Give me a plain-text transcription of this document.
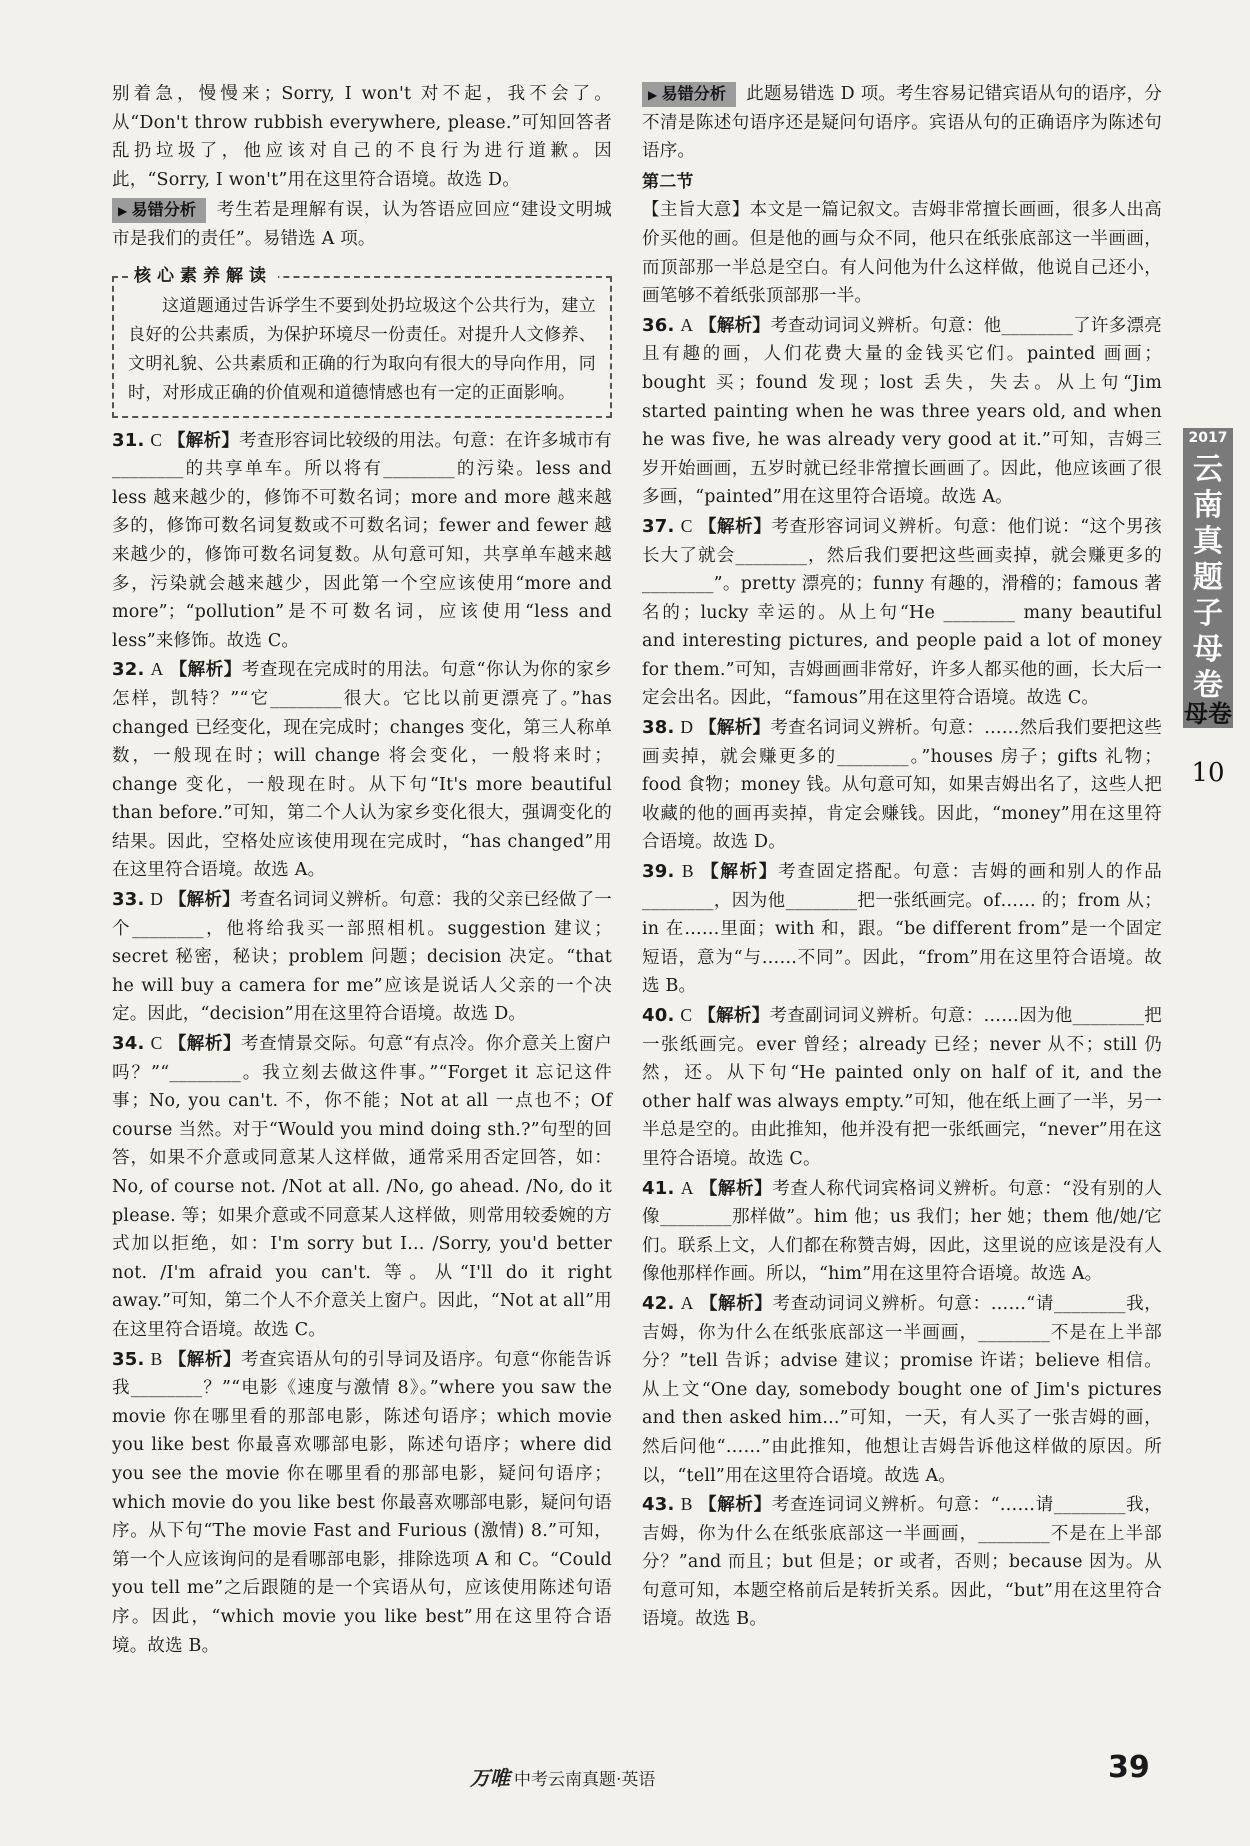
别着急，慢慢来；Sorry, I won't 对不起，我不会了。从“Don't throw rubbish everywhere, please.”可知回答者乱扔垃圾了，他应该对自己的不良行为进行道歉。因此，“Sorry, I won't”用在这里符合语境。故选 D。

▶ 易错分析 考生若是理解有误，认为答语应回应“建设文明城市是我们的责任”。易错选 A 项。

核心素养解读

这道题通过告诉学生不要到处扔垃圾这个公共行为，建立良好的公共素质，为保护环境尽一份责任。对提升人文修养、文明礼貌、公共素质和正确的行为取向有很大的导向作用，同时，对形成正确的价值观和道德情感也有一定的正面影响。

31. C 【解析】考查形容词比较级的用法。句意：在许多城市有________的共享单车。所以将有________的污染。less and less 越来越少的，修饰不可数名词；more and more 越来越多的，修饰可数名词复数或不可数名词；fewer and fewer 越来越少的，修饰可数名词复数。从句意可知，共享单车越来越多，污染就会越来越少，因此第一个空应该使用“more and more”；“pollution”是不可数名词，应该使用“less and less”来修饰。故选 C。

32. A 【解析】考查现在完成时的用法。句意“你认为你的家乡怎样，凯特？”“它________很大。它比以前更漂亮了。”has changed 已经变化，现在完成时；changes 变化，第三人称单数，一般现在时；will change 将会变化，一般将来时；change 变化，一般现在时。从下句“It's more beautiful than before.”可知，第二个人认为家乡变化很大，强调变化的结果。因此，空格处应该使用现在完成时，“has changed”用在这里符合语境。故选 A。

33. D 【解析】考查名词词义辨析。句意：我的父亲已经做了一个________，他将给我买一部照相机。suggestion 建议；secret 秘密，秘诀；problem 问题；decision 决定。“that he will buy a camera for me”应该是说话人父亲的一个决定。因此，“decision”用在这里符合语境。故选 D。

34. C 【解析】考查情景交际。句意“有点冷。你介意关上窗户吗？”“________。我立刻去做这件事。”“Forget it 忘记这件事；No, you can't. 不，你不能；Not at all 一点也不；Of course 当然。对于“Would you mind doing sth.?”句型的回答，如果不介意或同意某人这样做，通常采用否定回答，如：No, of course not. /Not at all. /No, go ahead. /No, do it please. 等；如果介意或不同意某人这样做，则常用较委婉的方式加以拒绝，如：I'm sorry but I... /Sorry, you'd better not. /I'm afraid you can't. 等。从“I'll do it right away.”可知，第二个人不介意关上窗户。因此，“Not at all”用在这里符合语境。故选 C。

35. B 【解析】考查宾语从句的引导词及语序。句意“你能告诉我________？”“电影《速度与激情 8》。”where you saw the movie 你在哪里看的那部电影，陈述句语序；which movie you like best 你最喜欢哪部电影，陈述句语序；where did you see the movie 你在哪里看的那部电影，疑问句语序；which movie do you like best 你最喜欢哪部电影，疑问句语序。从下句“The movie Fast and Furious (激情) 8.”可知，第一个人应该询问的是看哪部电影，排除选项 A 和 C。“Could you tell me”之后跟随的是一个宾语从句，应该使用陈述句语序。因此，“which movie you like best”用在这里符合语境。故选 B。

▶ 易错分析 此题易错选 D 项。考生容易记错宾语从句的语序，分不清是陈述句语序还是疑问句语序。宾语从句的正确语序为陈述句语序。

第二节

【主旨大意】本文是一篇记叙文。吉姆非常擅长画画，很多人出高价买他的画。但是他的画与众不同，他只在纸张底部这一半画画，而顶部那一半总是空白。有人问他为什么这样做，他说自己还小，画笔够不着纸张顶部那一半。

36. A 【解析】考查动词词义辨析。句意：他________了许多漂亮且有趣的画，人们花费大量的金钱买它们。painted 画画；bought 买；found 发现；lost 丢失，失去。从上句“Jim started painting when he was three years old, and when he was five, he was already very good at it.”可知，吉姆三岁开始画画，五岁时就已经非常擅长画画了。因此，他应该画了很多画，“painted”用在这里符合语境。故选 A。

37. C 【解析】考查形容词词义辨析。句意：他们说：“这个男孩长大了就会________，然后我们要把这些画卖掉，就会赚更多的________”。pretty 漂亮的；funny 有趣的，滑稽的；famous 著名的；lucky 幸运的。从上句“He ________ many beautiful and interesting pictures, and people paid a lot of money for them.”可知，吉姆画画非常好，许多人都买他的画，长大后一定会出名。因此，“famous”用在这里符合语境。故选 C。

38. D 【解析】考查名词词义辨析。句意：……然后我们要把这些画卖掉，就会赚更多的________。”houses 房子；gifts 礼物；food 食物；money 钱。从句意可知，如果吉姆出名了，这些人把收藏的他的画再卖掉，肯定会赚钱。因此，“money”用在这里符合语境。故选 D。

39. B 【解析】考查固定搭配。句意：吉姆的画和别人的作品________，因为他________把一张纸画完。of…… 的；from 从；in 在……里面；with 和，跟。“be different from”是一个固定短语，意为“与……不同”。因此，“from”用在这里符合语境。故选 B。

40. C 【解析】考查副词词义辨析。句意：……因为他________把一张纸画完。ever 曾经；already 已经；never 从不；still 仍然，还。从下句“He painted only on half of it, and the other half was always empty.”可知，他在纸上画了一半，另一半总是空的。由此推知，他并没有把一张纸画完，“never”用在这里符合语境。故选 C。

41. A 【解析】考查人称代词宾格词义辨析。句意：“没有别的人像________那样做”。him 他；us 我们；her 她；them 他/她/它们。联系上文，人们都在称赞吉姆，因此，这里说的应该是没有人像他那样作画。所以，“him”用在这里符合语境。故选 A。

42. A 【解析】考查动词词义辨析。句意：……“请________我，吉姆，你为什么在纸张底部这一半画画，________不是在上半部分？”tell 告诉；advise 建议；promise 许诺；believe 相信。从上文“One day, somebody bought one of Jim's pictures and then asked him...”可知，一天，有人买了一张吉姆的画，然后问他“……”由此推知，他想让吉姆告诉他这样做的原因。所以，“tell”用在这里符合语境。故选 A。

43. B 【解析】考查连词词义辨析。句意：“……请________我，吉姆，你为什么在纸张底部这一半画画，________不是在上半部分？”and 而且；but 但是；or 或者，否则；because 因为。从句意可知，本题空格前后是转折关系。因此，“but”用在这里符合语境。故选 B。

2017
云南真题子母卷
母卷
10
万唯 中考云南真题·英语	39
